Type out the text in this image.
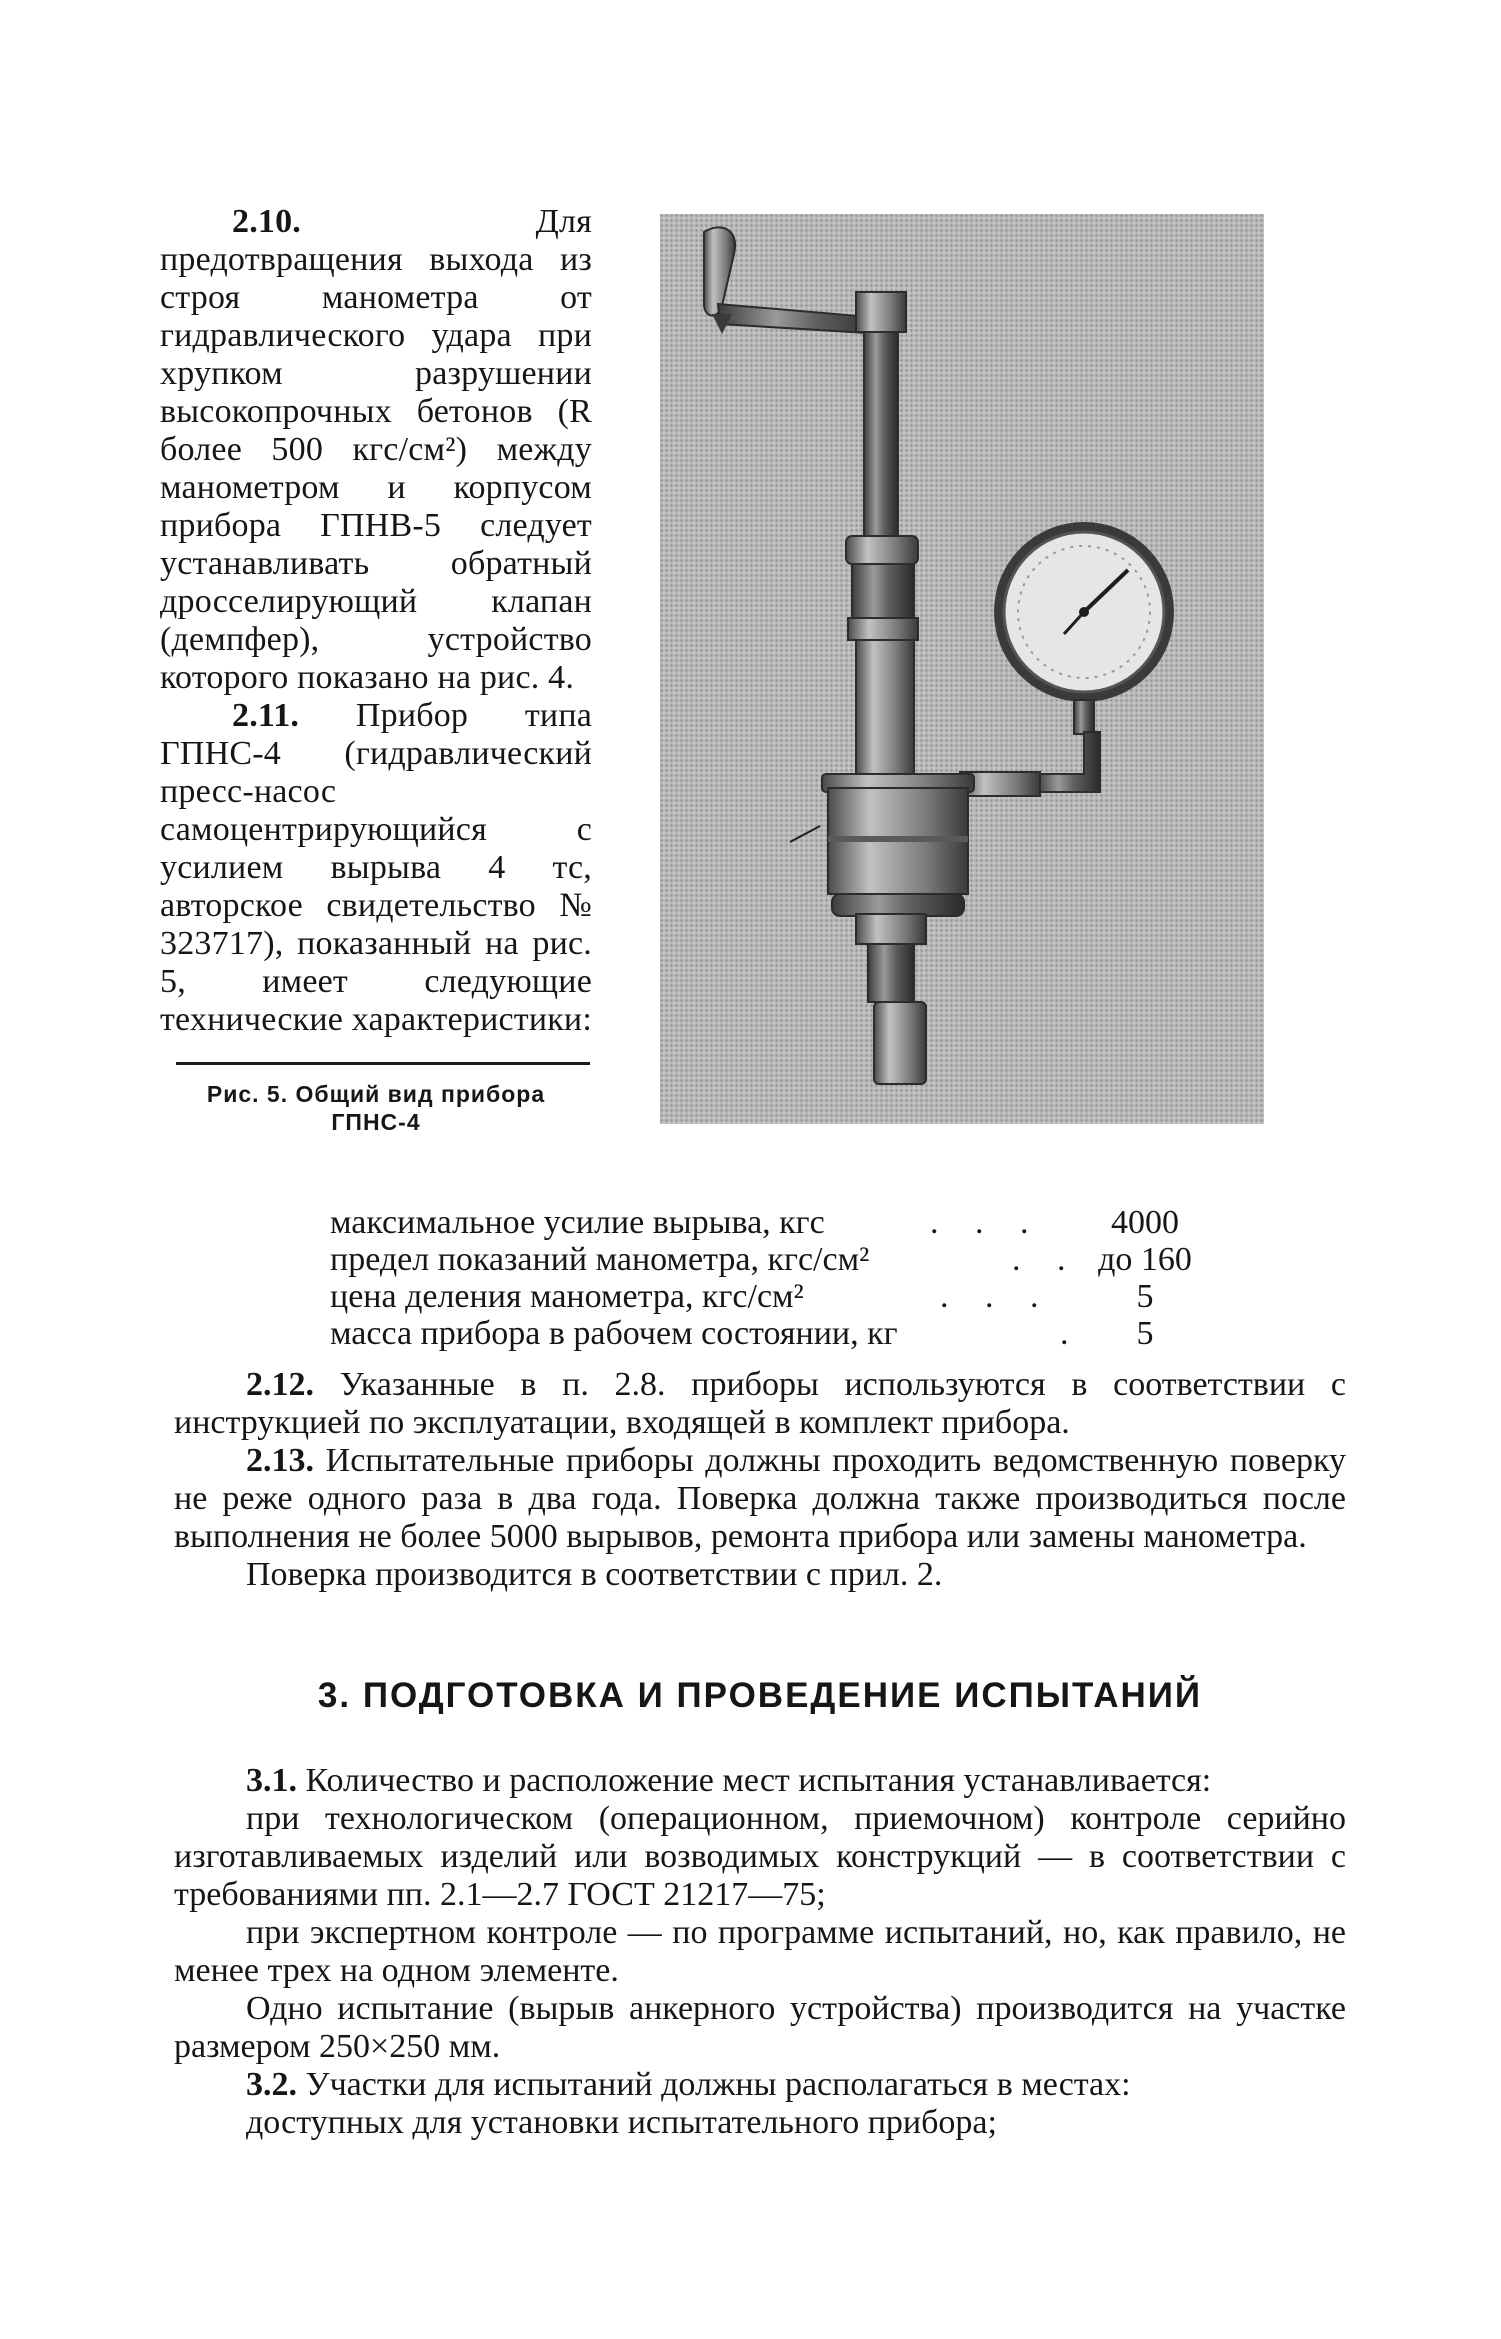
2.10.	Для предотвращения выхода из строя манометра от гидравлического удара при хрупком разрушении высокопрочных бетонов (R более 500 кгс/см²) между манометром и корпусом прибора ГПНВ-5 следует устанавливать обратный дросселирующий клапан (демпфер), устройство которого показано на рис. 4.

2.11. Прибор типа ГПНС-4 (гидравлический пресс-насос самоцентрирующийся с усилием вырыва 4 тс, авторское свидетельство № 323717), показанный на рис. 5, имеет следующие технические характеристики:

Рис. 5. Общий вид прибора ГПНС-4
максимальное усилие вырыва, кгс	. . .	4000
предел показаний манометра, кгс/см²	. . до 160
цена деления манометра, кгс/см²	. . .	5
масса прибора в рабочем состоянии, кг	.	5

2.12. Указанные в п. 2.8. приборы используются в соответствии с инструкцией по эксплуатации, входящей в комплект прибора.

2.13. Испытательные приборы должны проходить ведомственную поверку не реже одного раза в два года. Поверка должна также производиться после выполнения не более 5000 вырывов, ремонта прибора или замены манометра.

Поверка производится в соответствии с прил. 2.

3. ПОДГОТОВКА И ПРОВЕДЕНИЕ ИСПЫТАНИЙ

3.1. Количество и расположение мест испытания устанавливается:

при технологическом (операционном, приемочном) контроле серийно изготавливаемых изделий или возводимых конструкций — в соответствии с требованиями пп. 2.1—2.7 ГОСТ 21217—75;

при экспертном контроле — по программе испытаний, но, как правило, не менее трех на одном элементе.

Одно испытание (вырыв анкерного устройства) производится на участке размером 250×250 мм.

3.2. Участки для испытаний должны располагаться в местах:

доступных для установки испытательного прибора;
